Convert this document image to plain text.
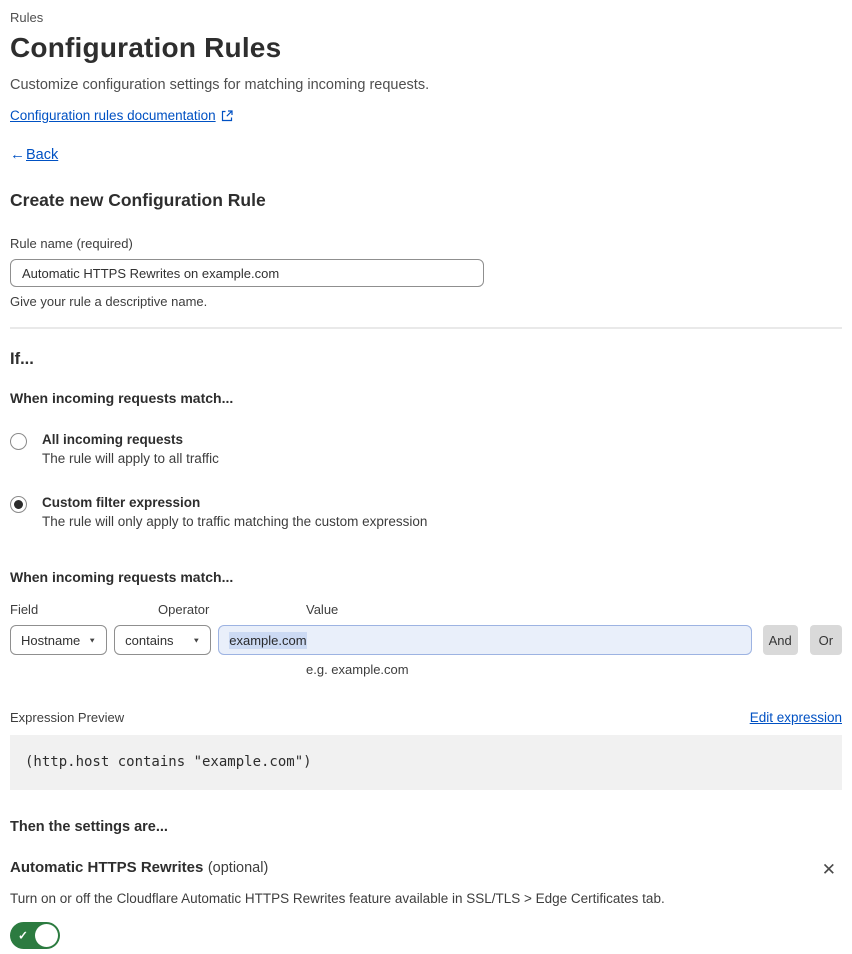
Rules
Configuration Rules
Customize configuration settings for matching incoming requests.
Configuration rules documentation
← Back
Create new Configuration Rule
Rule name (required)
Automatic HTTPS Rewrites on example.com
Give your rule a descriptive name.
If...
When incoming requests match...
All incoming requests
The rule will apply to all traffic
Custom filter expression
The rule will only apply to traffic matching the custom expression
When incoming requests match...
Field	Operator	Value
Hostname ▼ contains ▼ example.com	And	Or
e.g. example.com
Expression Preview	Edit expression
(http.host contains "example.com")
Then the settings are...
Automatic HTTPS Rewrites (optional)	✕
Turn on or off the Cloudflare Automatic HTTPS Rewrites feature available in SSL/TLS > Edge Certificates tab.
✓
